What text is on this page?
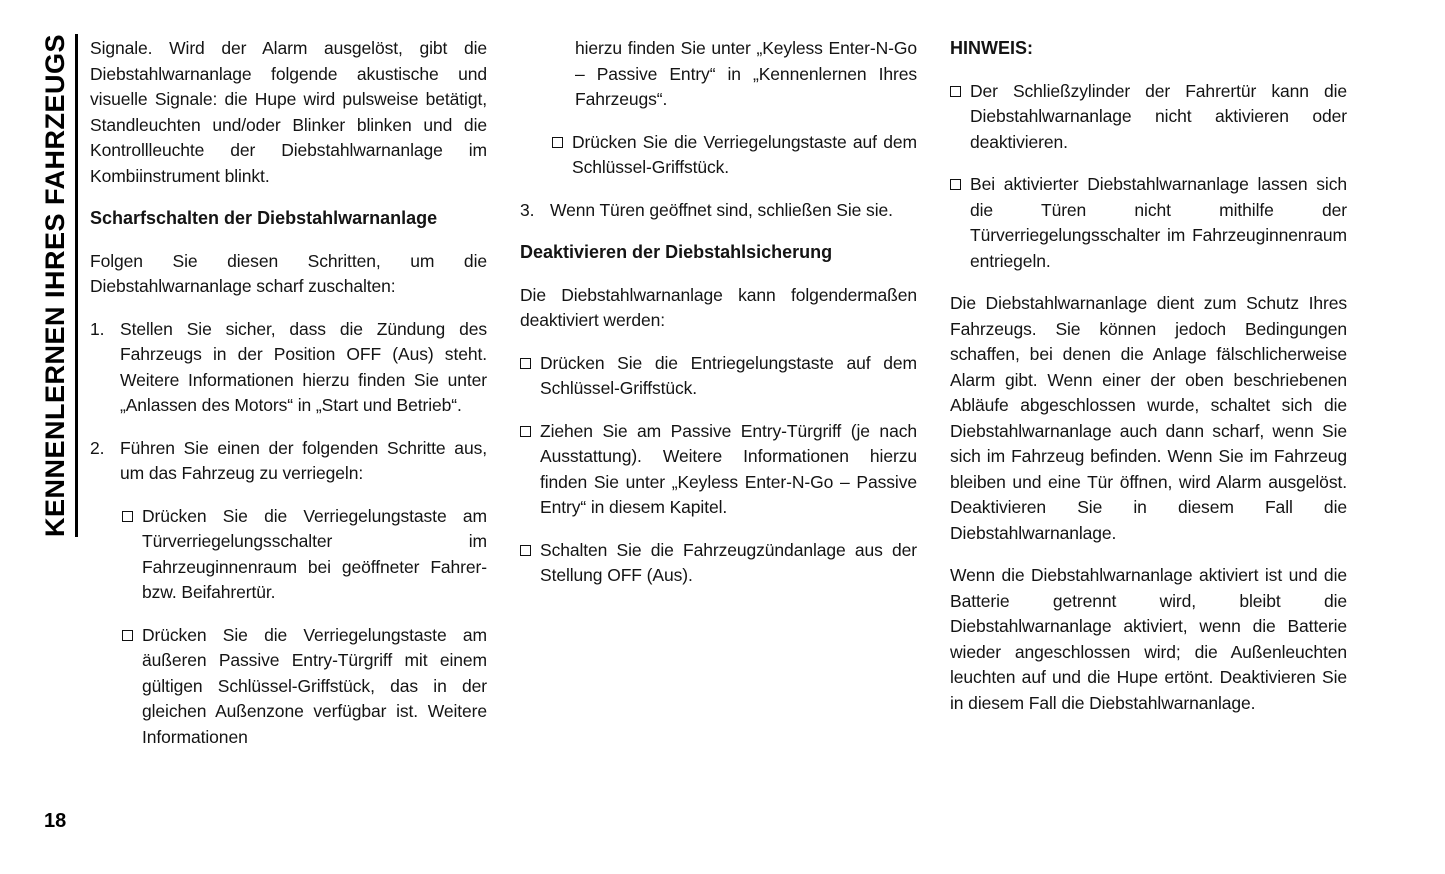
KENNENLERNEN IHRES FAHRZEUGS
18

Signale. Wird der Alarm ausgelöst, gibt die Diebstahlwarnanlage folgende akustische und visuelle Signale: die Hupe wird pulsweise betätigt, Standleuchten und/oder Blinker blinken und die Kontrollleuchte der Diebstahlwarnanlage im Kombiinstrument blinkt.

Scharfschalten der Diebstahlwarnanlage

Folgen Sie diesen Schritten, um die Diebstahlwarnanlage scharf zuschalten:

1. Stellen Sie sicher, dass die Zündung des Fahrzeugs in der Position OFF (Aus) steht. Weitere Informationen hierzu finden Sie unter „Anlassen des Motors“ in „Start und Betrieb“.
2. Führen Sie einen der folgenden Schritte aus, um das Fahrzeug zu verriegeln:
Drücken Sie die Verriegelungstaste am Türverriegelungsschalter im Fahrzeuginnenraum bei geöffneter Fahrer- bzw. Beifahrertür.
Drücken Sie die Verriegelungstaste am äußeren Passive Entry-Türgriff mit einem gültigen Schlüssel-Griffstück, das in der gleichen Außenzone verfügbar ist. Weitere Informationen

hierzu finden Sie unter „Keyless Enter-N-Go – Passive Entry“ in „Kennenlernen Ihres Fahrzeugs“.

Drücken Sie die Verriegelungstaste auf dem Schlüssel-Griffstück.
3. Wenn Türen geöffnet sind, schließen Sie sie.
Deaktivieren der Diebstahlsicherung

Die Diebstahlwarnanlage kann folgendermaßen deaktiviert werden:

Drücken Sie die Entriegelungstaste auf dem Schlüssel-Griffstück.
Ziehen Sie am Passive Entry-Türgriff (je nach Ausstattung). Weitere Informationen hierzu finden Sie unter „Keyless Enter-N-Go – Passive Entry“ in diesem Kapitel.
Schalten Sie die Fahrzeugzündanlage aus der Stellung OFF (Aus).
HINWEIS:
Der Schließzylinder der Fahrertür kann die Diebstahlwarnanlage nicht aktivieren oder deaktivieren.
Bei aktivierter Diebstahlwarnanlage lassen sich die Türen nicht mithilfe der Türverriegelungsschalter im Fahrzeuginnenraum entriegeln.

Die Diebstahlwarnanlage dient zum Schutz Ihres Fahrzeugs. Sie können jedoch Bedingungen schaffen, bei denen die Anlage fälschlicherweise Alarm gibt. Wenn einer der oben beschriebenen Abläufe abgeschlossen wurde, schaltet sich die Diebstahlwarnanlage auch dann scharf, wenn Sie sich im Fahrzeug befinden. Wenn Sie im Fahrzeug bleiben und eine Tür öffnen, wird Alarm ausgelöst. Deaktivieren Sie in diesem Fall die Diebstahlwarnanlage.

Wenn die Diebstahlwarnanlage aktiviert ist und die Batterie getrennt wird, bleibt die Diebstahlwarnanlage aktiviert, wenn die Batterie wieder angeschlossen wird; die Außenleuchten leuchten auf und die Hupe ertönt. Deaktivieren Sie in diesem Fall die Diebstahlwarnanlage.
